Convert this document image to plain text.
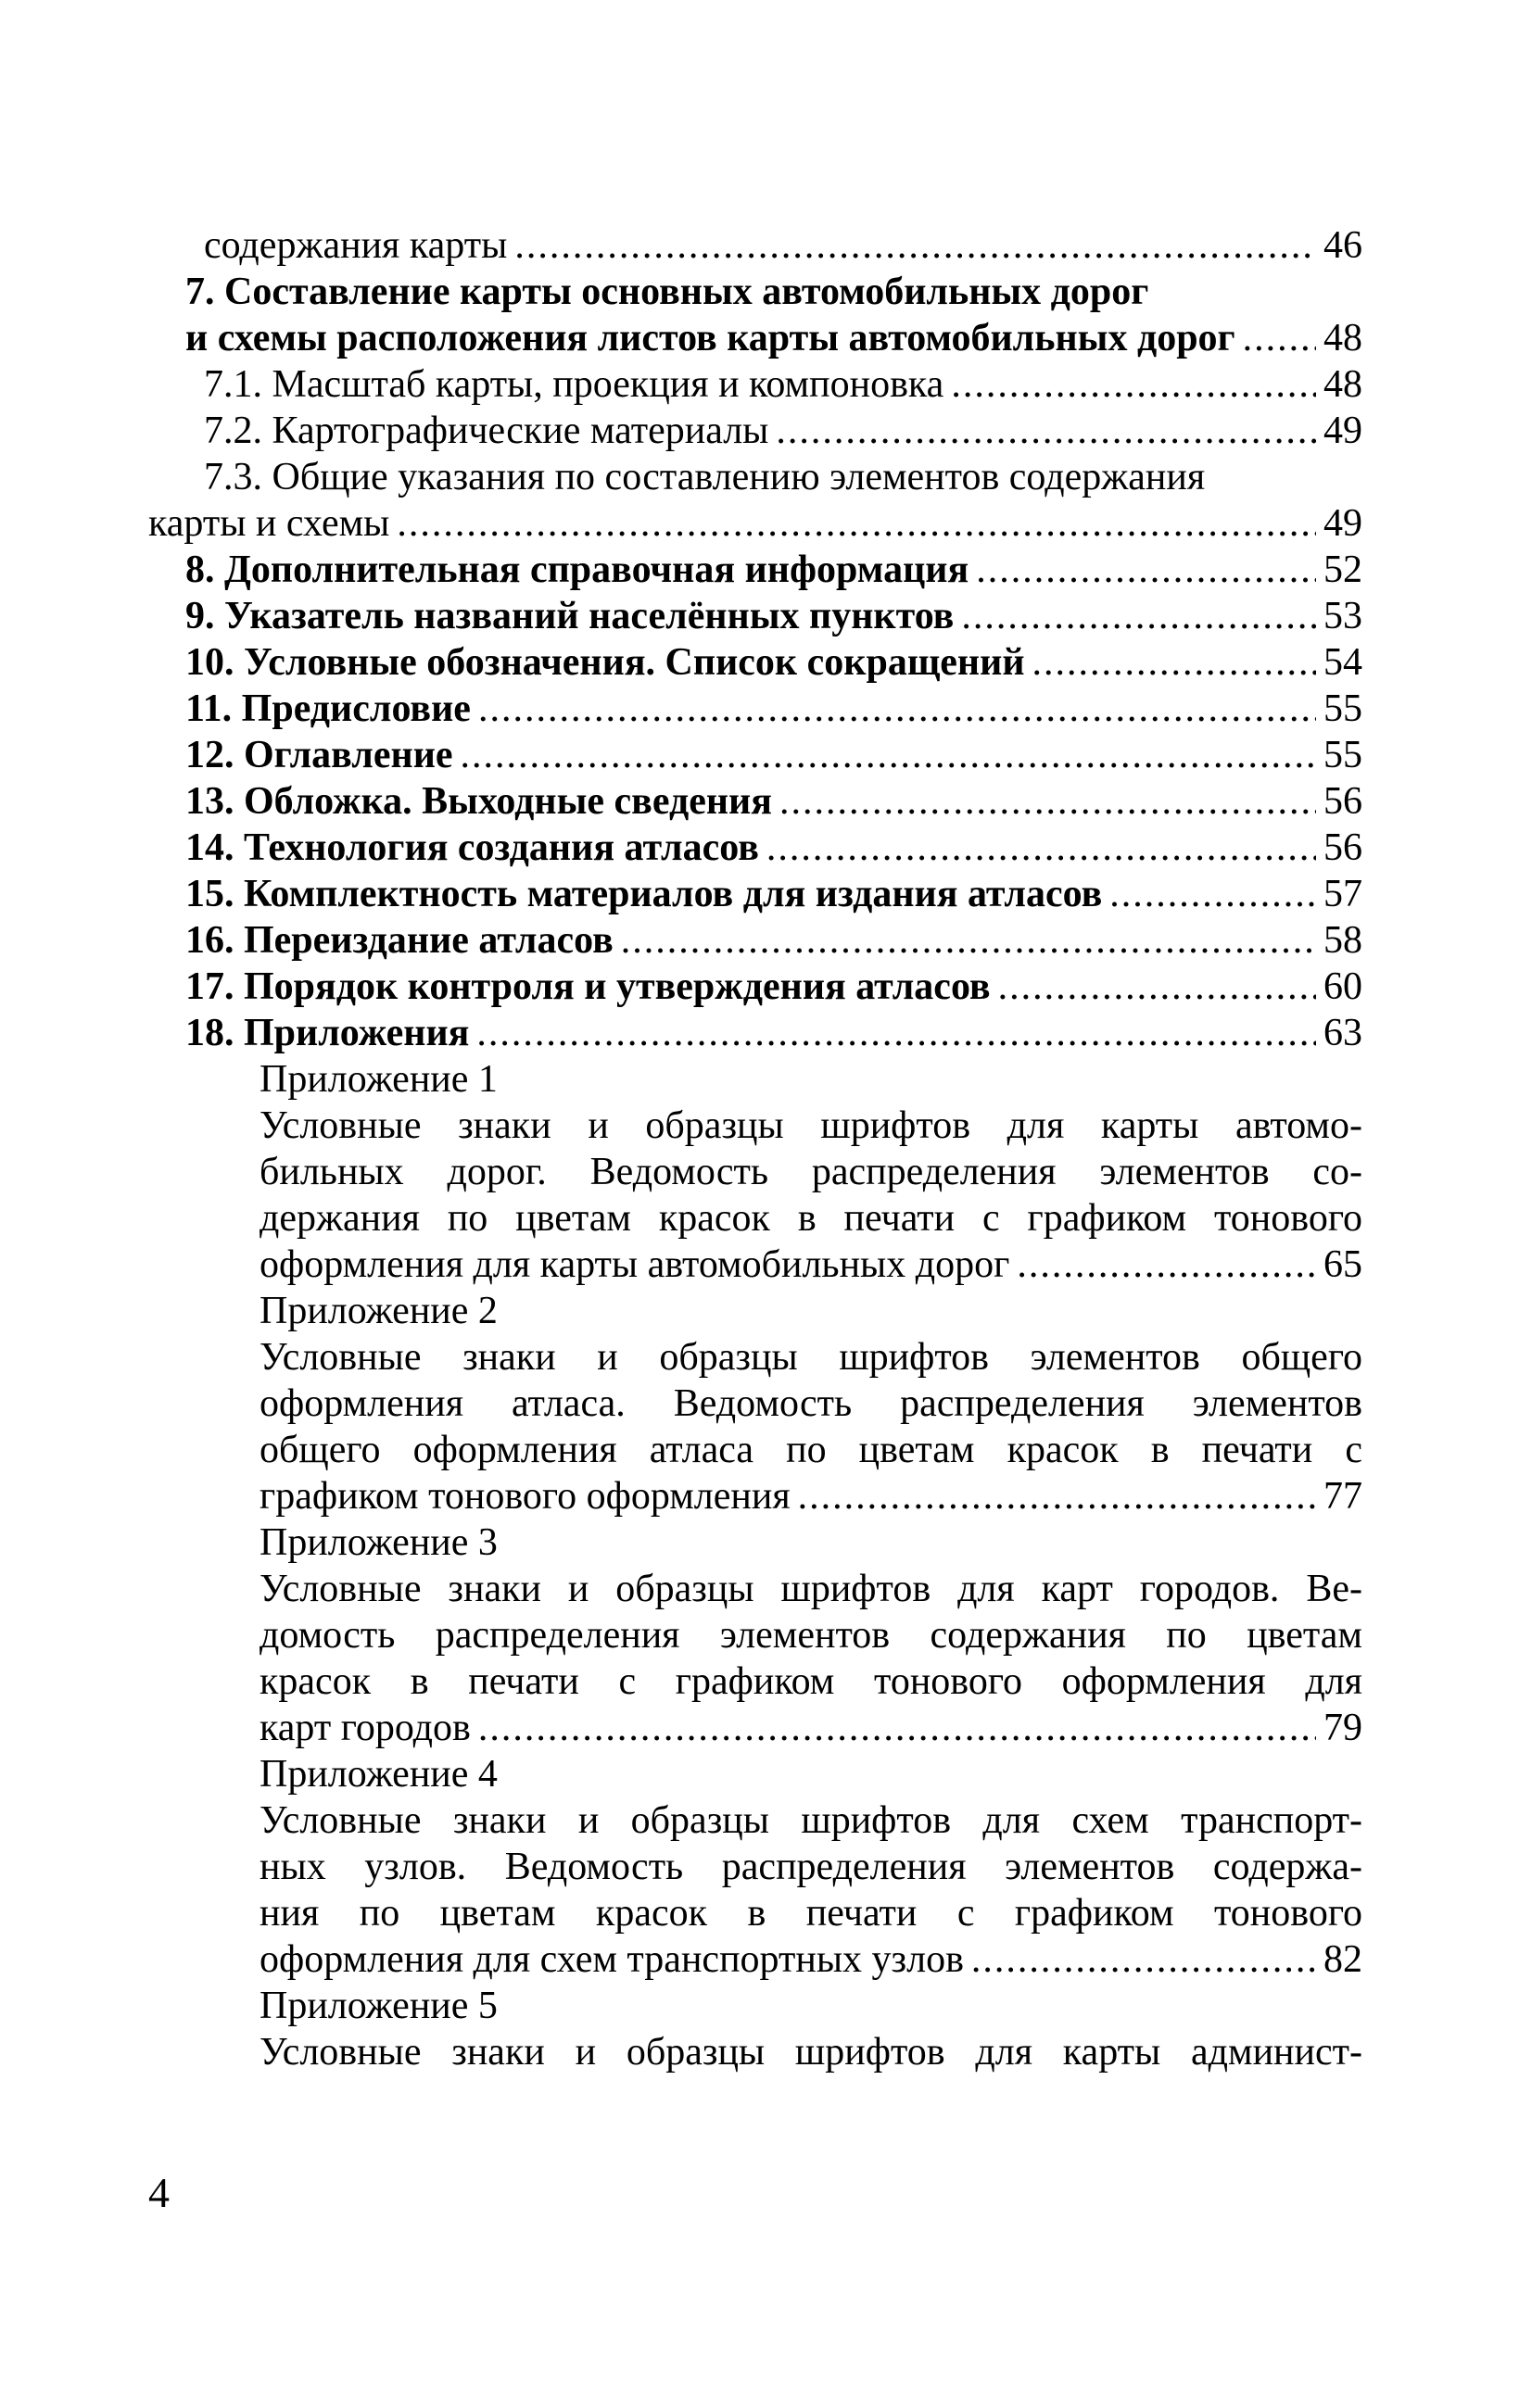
содержания карты .....	46
7. Составление карты основных автомобильных дорог
и схемы расположения листов карты автомобильных дорог ..... 48
7.1. Масштаб карты, проекция и компоновка .....	48
7.2. Картографические материалы .....	49
7.3. Общие указания по составлению элементов содержания
карты и схемы .....	49
8. Дополнительная справочная информация .....	52
9. Указатель названий населённых пунктов .....	53
10. Условные обозначения. Список сокращений .....	54
11. Предисловие .....	55
12. Оглавление .....	55
13. Обложка. Выходные сведения .....	56
14. Технология создания атласов .....	56
15. Комплектность материалов для издания атласов .....	57
16. Переиздание атласов .....	58
17. Порядок контроля и утверждения атласов .....	60
18. Приложения .....	63
Приложение 1
Условные знаки и образцы шрифтов для карты автомо-
бильных дорог. Ведомость распределения элементов со-
держания по цветам красок в печати с графиком тонового
оформления для карты автомобильных дорог .....	65
Приложение 2
Условные знаки и образцы шрифтов элементов общего
оформления атласа. Ведомость распределения элементов
общего оформления атласа по цветам красок в печати с
графиком тонового оформления .....	77
Приложение 3
Условные знаки и образцы шрифтов для карт городов. Ве-
домость распределения элементов содержания по цветам
красок в печати с графиком тонового оформления для
карт городов .....	79
Приложение 4
Условные знаки и образцы шрифтов для схем транспорт-
ных узлов. Ведомость распределения элементов содержа-
ния по цветам красок в печати с графиком тонового
оформления для схем транспортных узлов .....	82
Приложение 5
Условные знаки и образцы шрифтов для карты админист-
4
